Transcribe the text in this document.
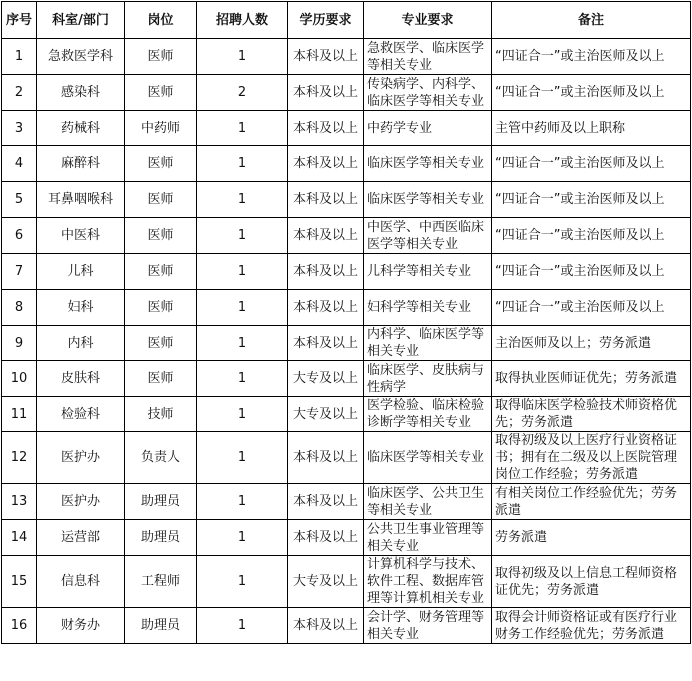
序号	科室/部门	岗位	招聘人数	学历要求	专业要求	备注
1	急救医学科	医师	1	本科及以上	急救医学、临床医学等相关专业	“四证合一”或主治医师及以上
2	感染科	医师	2	本科及以上	传染病学、内科学、临床医学等相关专业	“四证合一”或主治医师及以上
3	药械科	中药师	1	本科及以上	中药学专业	主管中药师及以上职称
4	麻醉科	医师	1	本科及以上	临床医学等相关专业	“四证合一”或主治医师及以上
5	耳鼻咽喉科	医师	1	本科及以上	临床医学等相关专业	“四证合一”或主治医师及以上
6	中医科	医师	1	本科及以上	中医学、中西医临床医学等相关专业	“四证合一”或主治医师及以上
7	儿科	医师	1	本科及以上	儿科学等相关专业	“四证合一”或主治医师及以上
8	妇科	医师	1	本科及以上	妇科学等相关专业	“四证合一”或主治医师及以上
9	内科	医师	1	本科及以上	内科学、临床医学等相关专业	主治医师及以上；劳务派遣
10	皮肤科	医师	1	大专及以上	临床医学、皮肤病与性病学	取得执业医师证优先；劳务派遣
11	检验科	技师	1	大专及以上	医学检验、临床检验诊断学等相关专业	取得临床医学检验技术师资格优先；劳务派遣
12	医护办	负责人	1	本科及以上	临床医学等相关专业	取得初级及以上医疗行业资格证书；拥有在二级及以上医院管理岗位工作经验；劳务派遣
13	医护办	助理员	1	本科及以上	临床医学、公共卫生等相关专业	有相关岗位工作经验优先；劳务派遣
14	运营部	助理员	1	本科及以上	公共卫生事业管理等相关专业	劳务派遣
15	信息科	工程师	1	大专及以上	计算机科学与技术、软件工程、数据库管理等计算机相关专业	取得初级及以上信息工程师资格证优先；劳务派遣
16	财务办	助理员	1	本科及以上	会计学、财务管理等相关专业	取得会计师资格证或有医疗行业财务工作经验优先；劳务派遣
